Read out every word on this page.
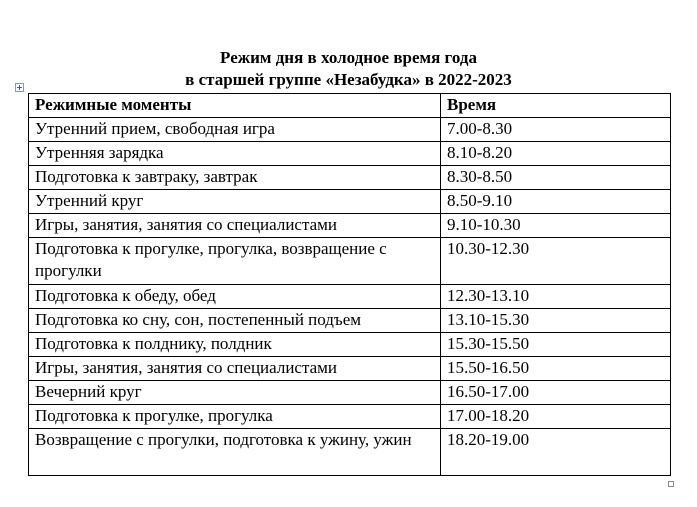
Режим дня в холодное время года
в старшей группе «Незабудка» в 2022-2023
Режимные моменты	Время
Утренний прием, свободная игра	7.00-8.30
Утренняя зарядка	8.10-8.20
Подготовка к завтраку, завтрак	8.30-8.50
Утренний круг	8.50-9.10
Игры, занятия, занятия со специалистами	9.10-10.30
Подготовка к прогулке, прогулка, возвращение с прогулки	10.30-12.30
Подготовка к обеду, обед	12.30-13.10
Подготовка ко сну, сон, постепенный подъем	13.10-15.30
Подготовка к полднику, полдник	15.30-15.50
Игры, занятия, занятия со специалистами	15.50-16.50
Вечерний круг	16.50-17.00
Подготовка к прогулке, прогулка	17.00-18.20
Возвращение с прогулки, подготовка к ужину, ужин	18.20-19.00
